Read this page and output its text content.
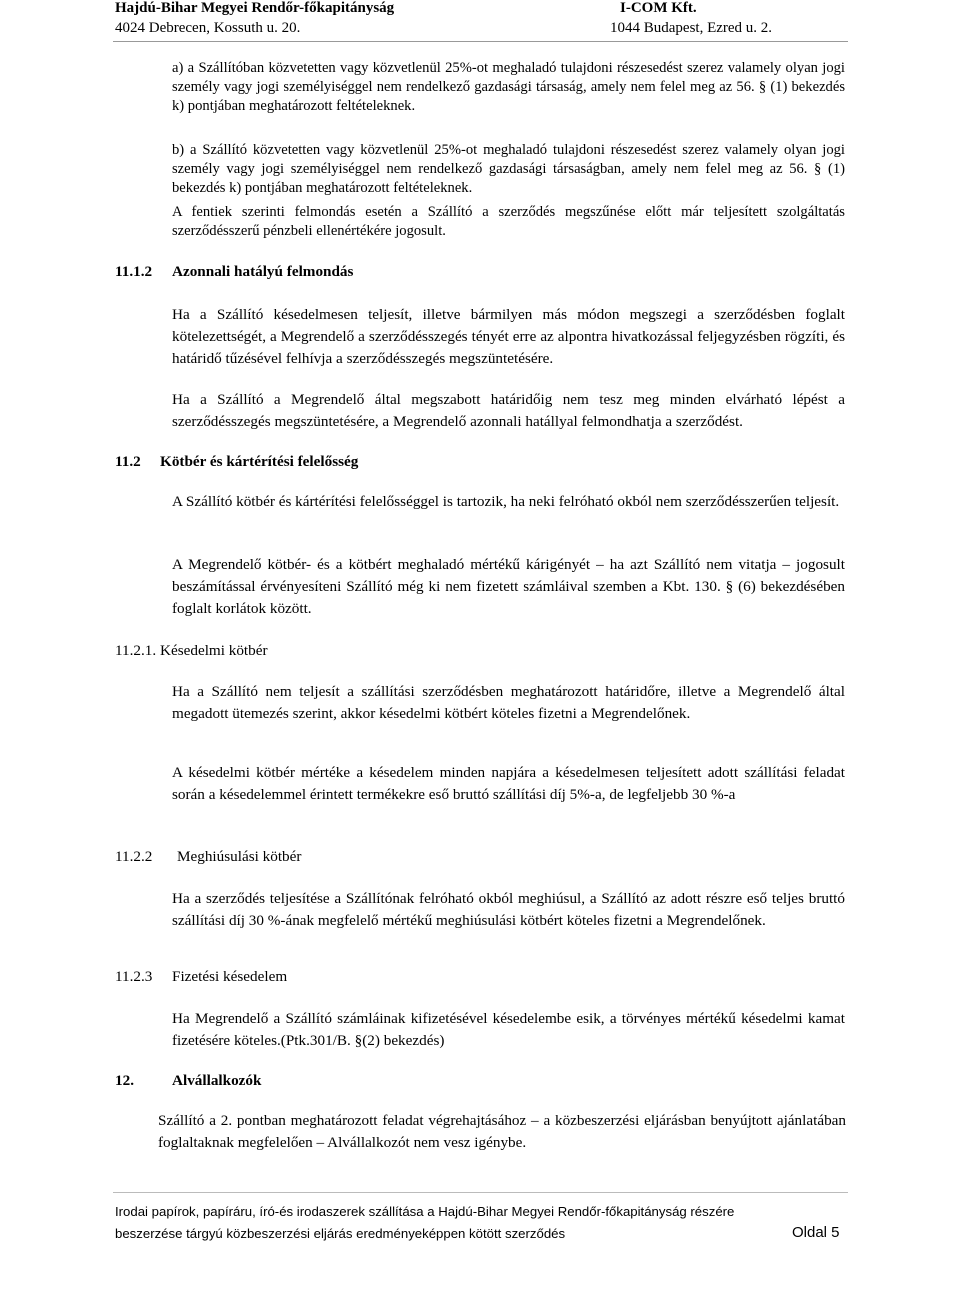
Hajdú-Bihar Megyei Rendőr-főkapitányság
4024 Debrecen, Kossuth u. 20.
I-COM Kft.
1044 Budapest, Ezred u. 2.
a) a Szállítóban közvetetten vagy közvetlenül 25%-ot meghaladó tulajdoni részesedést szerez valamely olyan jogi személy vagy jogi személyiséggel nem rendelkező gazdasági társaság, amely nem felel meg az 56. § (1) bekezdés k) pontjában meghatározott feltételeknek.
b) a Szállító közvetetten vagy közvetlenül 25%-ot meghaladó tulajdoni részesedést szerez valamely olyan jogi személy vagy jogi személyiséggel nem rendelkező gazdasági társaságban, amely nem felel meg az 56. § (1) bekezdés k) pontjában meghatározott feltételeknek.
A fentiek szerinti felmondás esetén a Szállító a szerződés megszűnése előtt már teljesített szolgáltatás szerződésszerű pénzbeli ellenértékére jogosult.
11.1.2 Azonnali hatályú felmondás
Ha a Szállító késedelmesen teljesít, illetve bármilyen más módon megszegi a szerződésben foglalt kötelezettségét, a Megrendelő a szerződésszegés tényét erre az alpontra hivatkozással feljegyzésben rögzíti, és határidő tűzésével felhívja a szerződésszegés megszüntetésére.
Ha a Szállító a Megrendelő által megszabott határidőig nem tesz meg minden elvárható lépést a szerződésszegés megszüntetésére, a Megrendelő azonnali hatállyal felmondhatja a szerződést.
11.2 Kötbér és kártérítési felelősség
A Szállító kötbér és kártérítési felelősséggel is tartozik, ha neki felróható okból nem szerződésszerűen teljesít.
A Megrendelő kötbér- és a kötbért meghaladó mértékű kárigényét – ha azt Szállító nem vitatja – jogosult beszámítással érvényesíteni Szállító még ki nem fizetett számláival szemben a Kbt. 130. § (6) bekezdésében foglalt korlátok között.
11.2.1. Késedelmi kötbér
Ha a Szállító nem teljesít a szállítási szerződésben meghatározott határidőre, illetve a Megrendelő által megadott ütemezés szerint, akkor késedelmi kötbért köteles fizetni a Megrendelőnek.
A késedelmi kötbér mértéke a késedelem minden napjára a késedelmesen teljesített adott szállítási feladat során a késedelemmel érintett termékekre eső bruttó szállítási díj 5%-a, de legfeljebb 30 %-a
11.2.2 Meghiúsulási kötbér
Ha a szerződés teljesítése a Szállítónak felróható okból meghiúsul, a Szállító az adott részre eső teljes bruttó szállítási díj 30 %-ának megfelelő mértékű meghiúsulási kötbért köteles fizetni a Megrendelőnek.
11.2.3 Fizetési késedelem
Ha Megrendelő a Szállító számláinak kifizetésével késedelembe esik, a törvényes mértékű késedelmi kamat fizetésére köteles.(Ptk.301/B. §(2) bekezdés)
12.	Alvállalkozók
Szállító a 2. pontban meghatározott feladat végrehajtásához – a közbeszerzési eljárásban benyújtott ajánlatában foglaltaknak megfelelően – Alvállalkozót nem vesz igénybe.
Irodai papírok, papíráru, író-és irodaszerek szállítása a Hajdú-Bihar Megyei Rendőr-főkapitányság részére
beszerzése tárgyú közbeszerzési eljárás eredményeképpen kötött szerződés	Oldal 5
